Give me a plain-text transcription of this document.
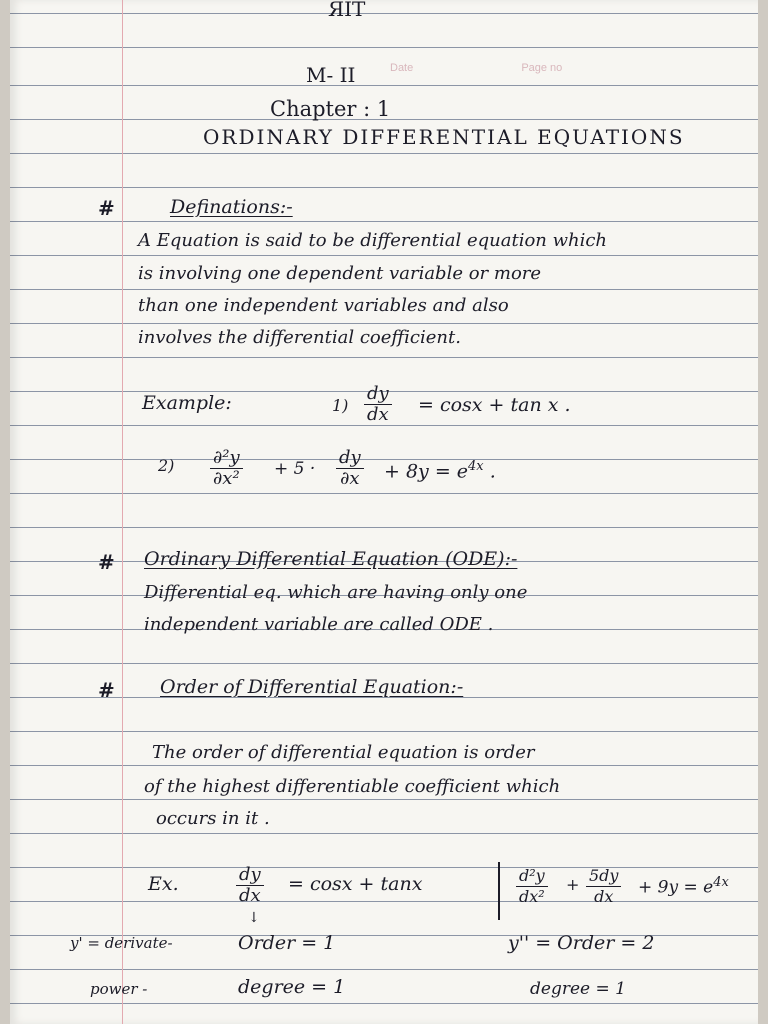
ЯIT
Date	Page no
M- II
Chapter : 1
ORDINARY DIFFERENTIAL EQUATIONS
#	Definations:-
A Equation is said to be differential equation which
is involving one dependent variable or more
than one independent variables and also
involves the differential coefficient.
Example:	$1) \frac{dy}{dx} = \cos x + \tan x$ .
$2) \frac{\text{∂²y}}{\text{∂x²}} + 5 \cdot \frac{dy}{\partial x} + 8y = e^{4x}$ .
# Ordinary Differential Equation (ODE):-
Differential eq. which are having only one
independent variable are called ODE .
# Order of Differential Equation:-
The order of differential equation is order
of the highest differentiable coefficient which
occurs in it .
Ex.	$\frac{dy}{dx}$
↓
= cosx + tanx	$\frac{\text{d²y}}{\text{dx²}} + \frac{5dy}{dx} + 9y = e^{4x}$
y' = derivate-	Order = 1	y'' = Order = 2
power -	degree = 1	degree = 1
